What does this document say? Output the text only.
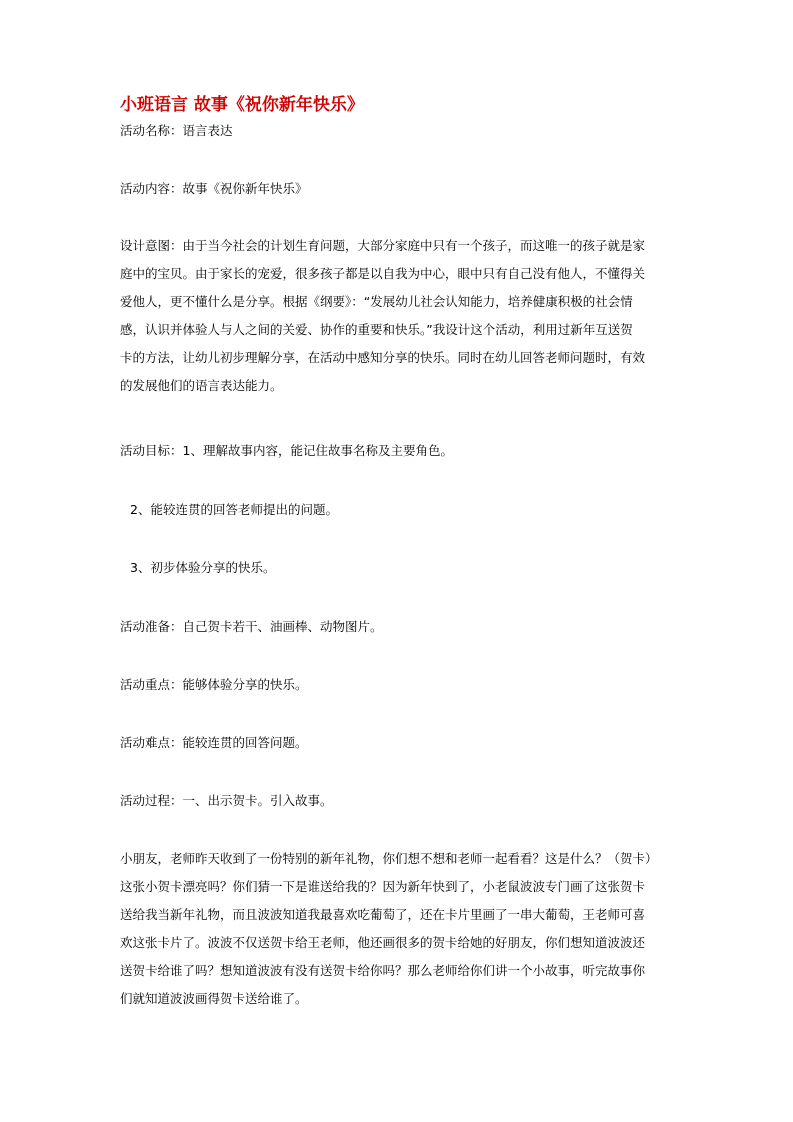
小班语言 故事《祝你新年快乐》
活动名称：语言表达
活动内容：故事《祝你新年快乐》
设计意图：由于当今社会的计划生育问题，大部分家庭中只有一个孩子，而这唯一的孩子就是家
庭中的宝贝。由于家长的宠爱，很多孩子都是以自我为中心，眼中只有自己没有他人，不懂得关
爱他人，更不懂什么是分享。根据《纲要》：“发展幼儿社会认知能力，培养健康积极的社会情
感，认识并体验人与人之间的关爱、协作的重要和快乐。”我设计这个活动，利用过新年互送贺
卡的方法，让幼儿初步理解分享，在活动中感知分享的快乐。同时在幼儿回答老师问题时，有效
的发展他们的语言表达能力。
活动目标：1、理解故事内容，能记住故事名称及主要角色。
2、能较连贯的回答老师提出的问题。
3、初步体验分享的快乐。
活动准备：自己贺卡若干、油画棒、动物图片。
活动重点：能够体验分享的快乐。
活动难点：能较连贯的回答问题。
活动过程：一、出示贺卡。引入故事。
小朋友，老师昨天收到了一份特别的新年礼物，你们想不想和老师一起看看？这是什么？（贺卡）
这张小贺卡漂亮吗？你们猜一下是谁送给我的？因为新年快到了，小老鼠波波专门画了这张贺卡
送给我当新年礼物，而且波波知道我最喜欢吃葡萄了，还在卡片里画了一串大葡萄，王老师可喜
欢这张卡片了。波波不仅送贺卡给王老师，他还画很多的贺卡给她的好朋友，你们想知道波波还
送贺卡给谁了吗？想知道波波有没有送贺卡给你吗？那么老师给你们讲一个小故事，听完故事你
们就知道波波画得贺卡送给谁了。
